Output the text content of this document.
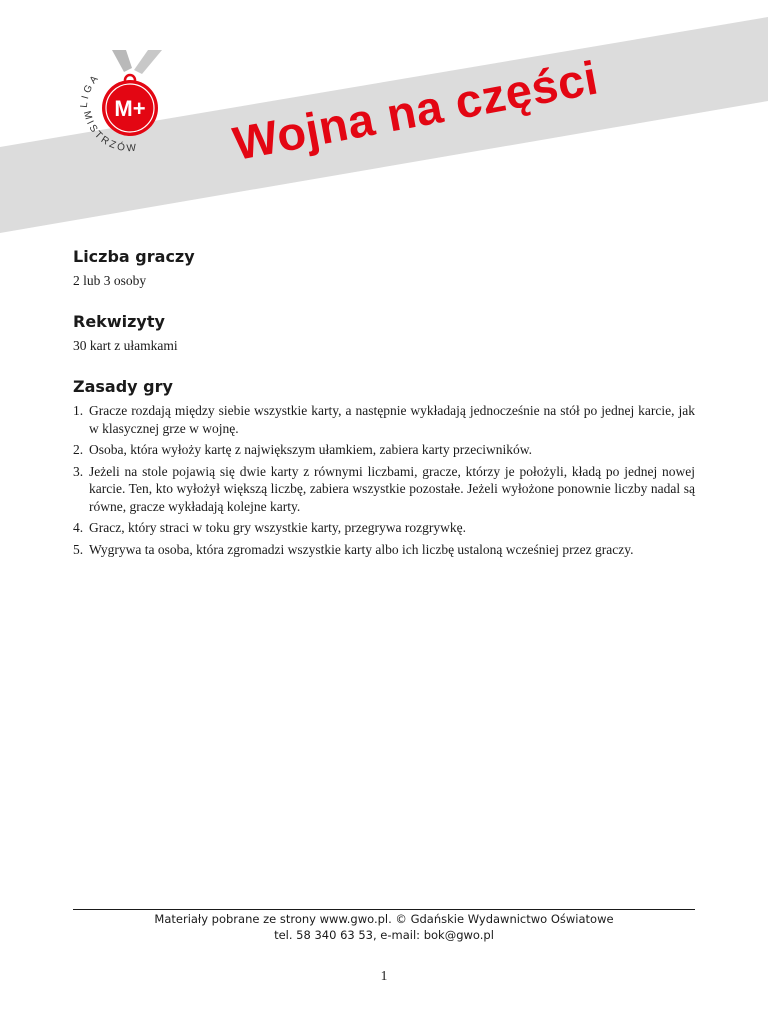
M+
LIGA
MISTRZÓW Wojna na części
Liczba graczy

2 lub 3 osoby

Rekwizyty

30 kart z ułamkami

Zasady gry
1. Gracze rozdają między siebie wszystkie karty, a następnie wykładają jednocześnie na stół po jednej karcie, jak w klasycznej grze w wojnę.
2. Osoba, która wyłoży kartę z największym ułamkiem, zabiera karty przeciwników.
3. Jeżeli na stole pojawią się dwie karty z równymi liczbami, gracze, którzy je położyli, kładą po jednej nowej karcie. Ten, kto wyłożył większą liczbę, zabiera wszystkie pozostałe. Jeżeli wyłożone ponownie liczby nadal są równe, gracze wykładają kolejne karty.
4. Gracz, który straci w toku gry wszystkie karty, przegrywa rozgrywkę.
5. Wygrywa ta osoba, która zgromadzi wszystkie karty albo ich liczbę ustaloną wcześniej przez graczy.
Materiały pobrane ze strony www.gwo.pl. © Gdańskie Wydawnictwo Oświatowe
tel. 58 340 63 53, e-mail: bok@gwo.pl
1
